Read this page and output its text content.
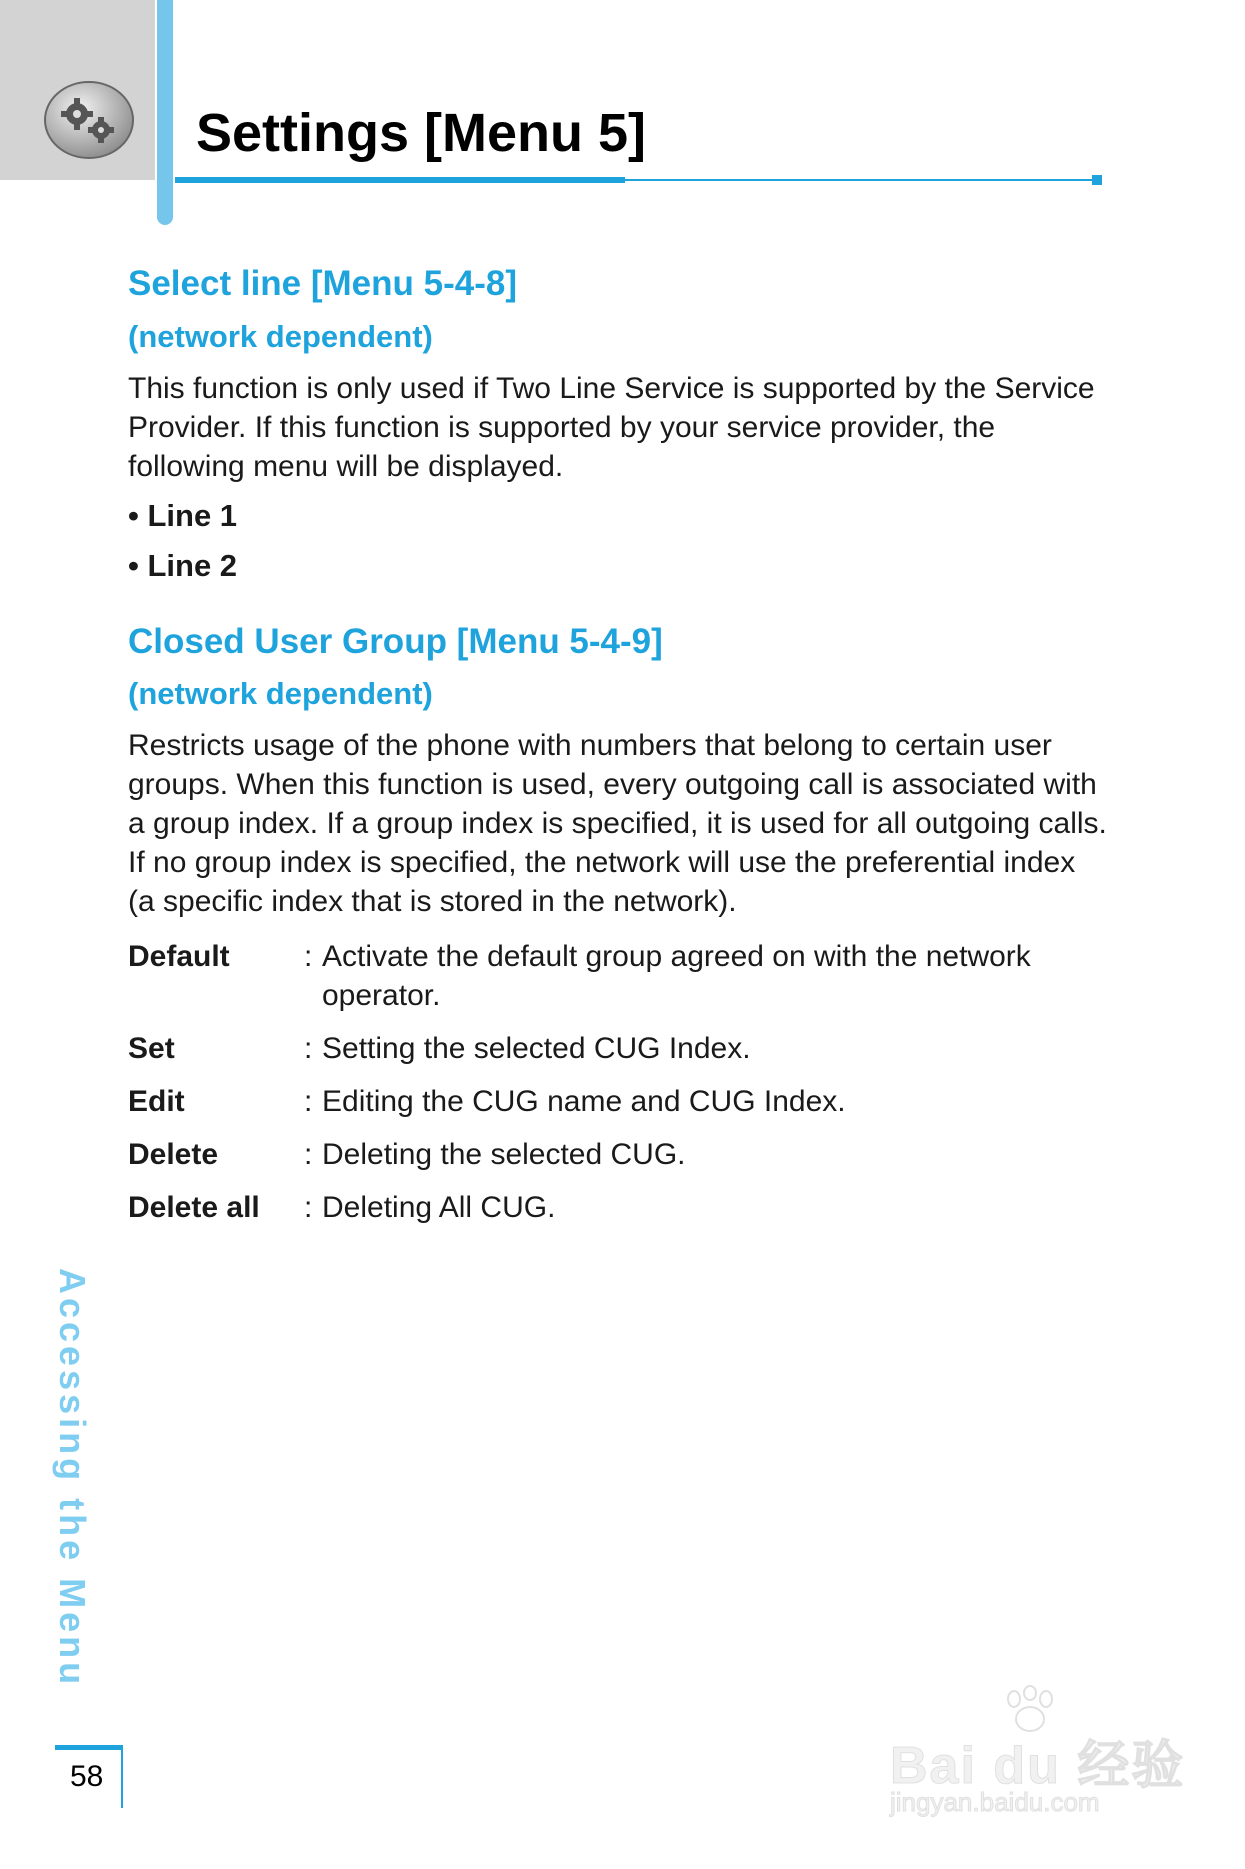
Settings [Menu 5]
Select line [Menu 5-4-8]
(network dependent)

This function is only used if Two Line Service is supported by the Service Provider. If this function is supported by your service provider, the following menu will be displayed.

• Line 1
• Line 2
Closed User Group [Menu 5-4-9]
(network dependent)

Restricts usage of the phone with numbers that belong to certain user groups. When this function is used, every outgoing call is associated with a group index. If a group index is specified, it is used for all outgoing calls. If no group index is specified, the network will use the preferential index (a specific index that is stored in the network).

Default	: Activate the default group agreed on with the network operator.
Set	: Setting the selected CUG Index.
Edit	: Editing the CUG name and CUG Index.
Delete	: Deleting the selected CUG.
Delete all	: Deleting All CUG.
Accessing the Menu
58	Bai du 经验
jingyan.baidu.com
